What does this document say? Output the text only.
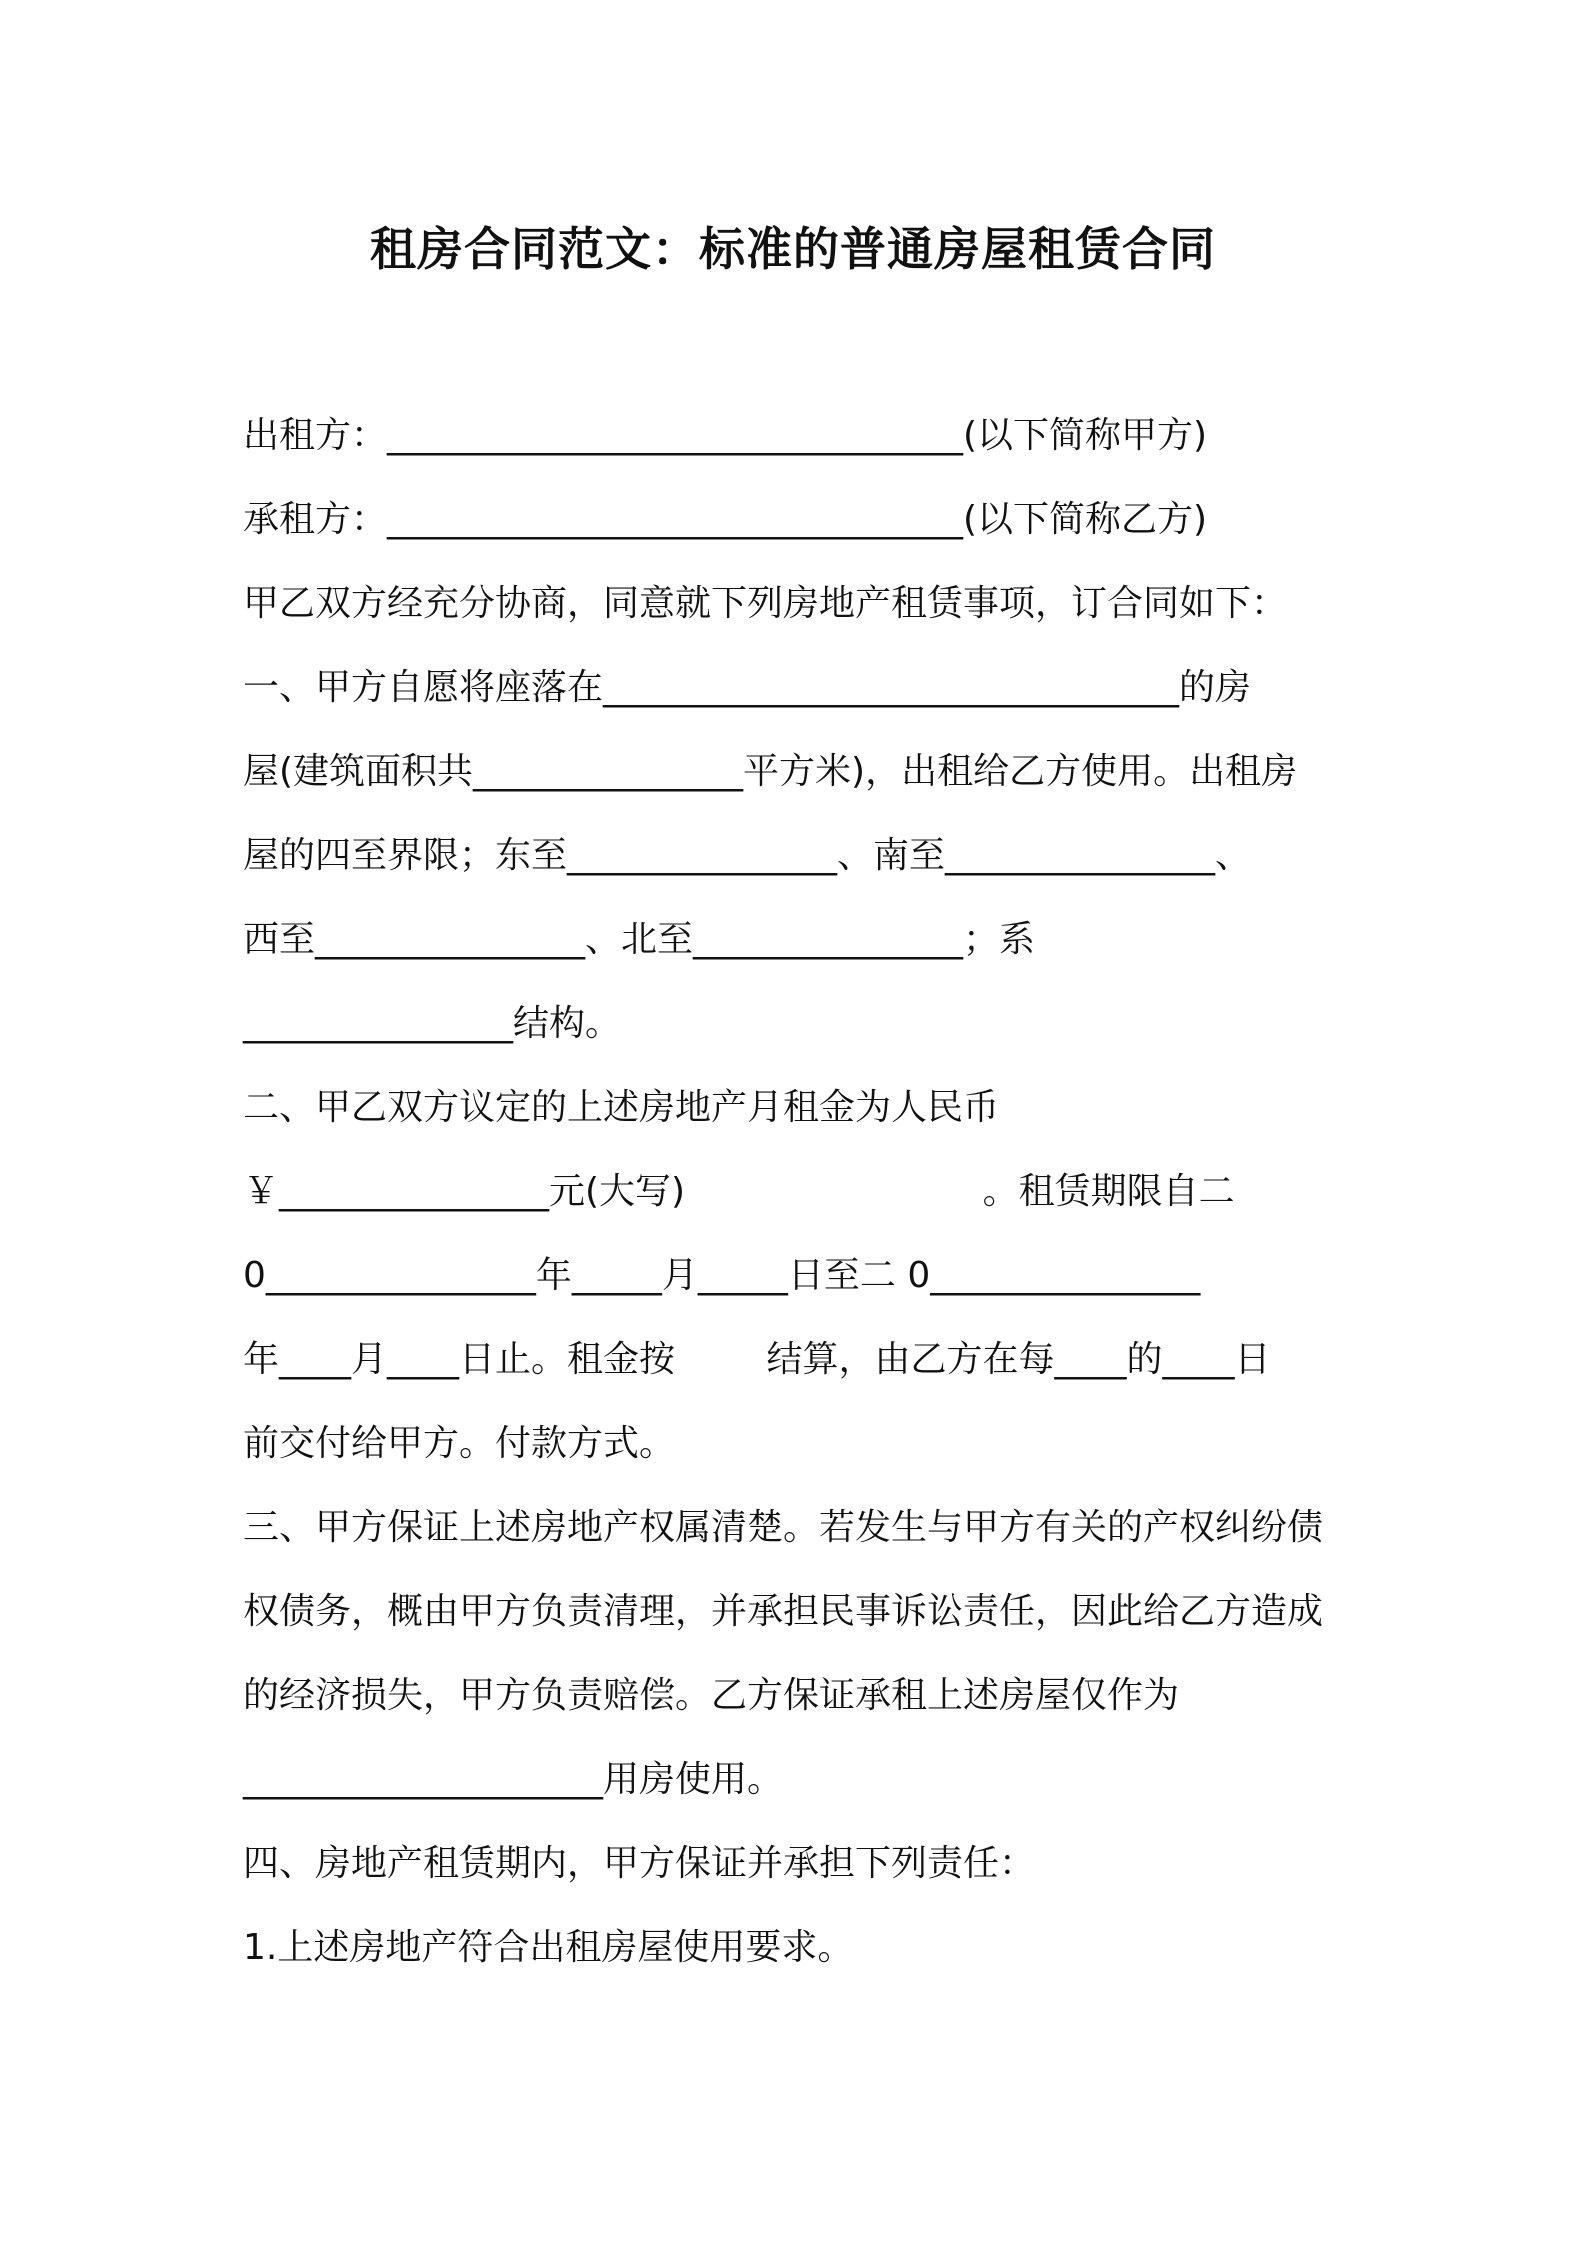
租房合同范文：标准的普通房屋租赁合同
出租方：________________________________(以下简称甲方)
承租方：________________________________(以下简称乙方)
甲乙双方经充分协商，同意就下列房地产租赁事项，订合同如下：
一、甲方自愿将座落在________________________________的房
屋(建筑面积共_______________平方米)，出租给乙方使用。出租房
屋的四至界限；东至_______________、南至_______________、
西至_______________、北至_______________；系
_______________结构。
二、甲乙双方议定的上述房地产月租金为人民币
￥_______________元(大写)                          。租赁期限自二
0_______________年_____月_____日至二 0_______________
年____月____日止。租金按        结算，由乙方在每____的____日
前交付给甲方。付款方式。
三、甲方保证上述房地产权属清楚。若发生与甲方有关的产权纠纷债
权债务，概由甲方负责清理，并承担民事诉讼责任，因此给乙方造成
的经济损失，甲方负责赔偿。乙方保证承租上述房屋仅作为
____________________用房使用。
四、房地产租赁期内，甲方保证并承担下列责任：
1.上述房地产符合出租房屋使用要求。
